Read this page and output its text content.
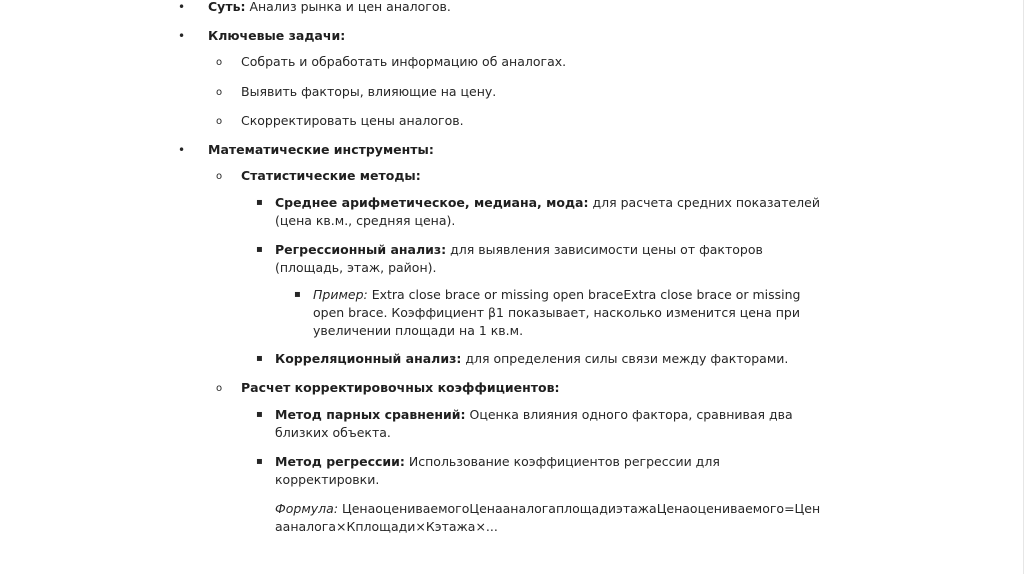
• Суть: Анализ рынка и цен аналогов.
• Ключевые задачи:
o Собрать и обработать информацию об аналогах.
o Выявить факторы, влияющие на цену.
o Скорректировать цены аналогов.
• Математические инструменты:
o Статистические методы:
▪ Среднее арифметическое, медиана, мода: для расчета средних показателей
(цена кв.м., средняя цена).
▪ Регрессионный анализ: для выявления зависимости цены от факторов
(площадь, этаж, район).
▪ Пример: Extra close brace or missing open braceExtra close brace or missing
open brace. Коэффициент β1 показывает, насколько изменится цена при
увеличении площади на 1 кв.м.
▪ Корреляционный анализ: для определения силы связи между факторами.
o Расчет корректировочных коэффициентов:
▪ Метод парных сравнений: Оценка влияния одного фактора, сравнивая два
близких объекта.
▪ Метод регрессии: Использование коэффициентов регрессии для
корректировки.
Формула: ЦенаоцениваемогоЦенааналогаплощадиэтажаЦенаоцениваемого=Цен
ааналога×Кплощади×Кэтажа×...
